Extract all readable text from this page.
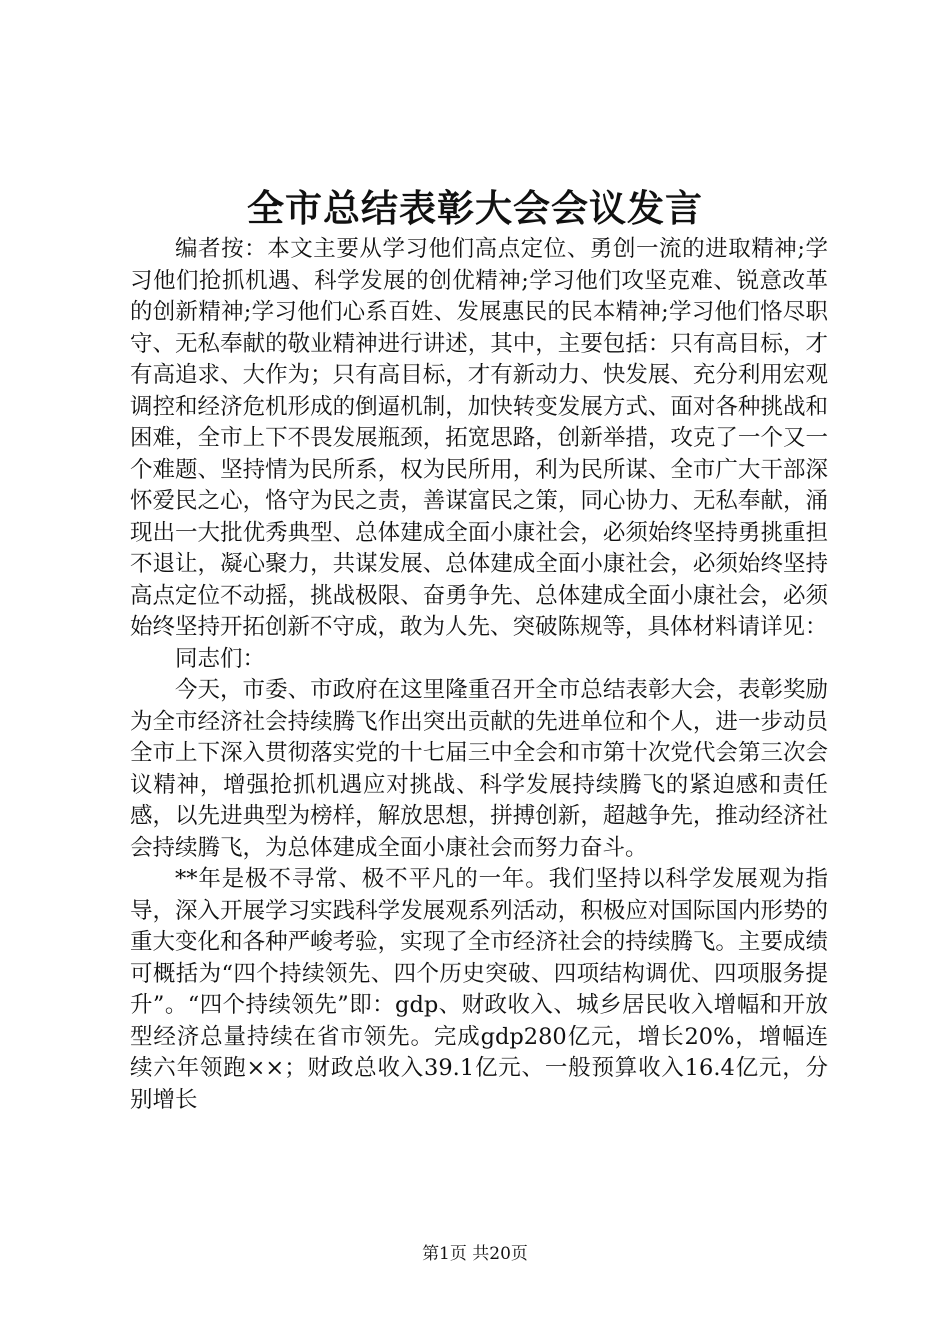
全市总结表彰大会会议发言

编者按：本文主要从学习他们高点定位、勇创一流的进取精神;学习他们抢抓机遇、科学发展的创优精神;学习他们攻坚克难、锐意改革的创新精神;学习他们心系百姓、发展惠民的民本精神;学习他们恪尽职守、无私奉献的敬业精神进行讲述，其中，主要包括：只有高目标，才有高追求、大作为；只有高目标，才有新动力、快发展、充分利用宏观调控和经济危机形成的倒逼机制，加快转变发展方式、面对各种挑战和困难，全市上下不畏发展瓶颈，拓宽思路，创新举措，攻克了一个又一个难题、坚持情为民所系，权为民所用，利为民所谋、全市广大干部深怀爱民之心，恪守为民之责，善谋富民之策，同心协力、无私奉献，涌现出一大批优秀典型、总体建成全面小康社会，必须始终坚持勇挑重担不退让，凝心聚力，共谋发展、总体建成全面小康社会，必须始终坚持高点定位不动摇，挑战极限、奋勇争先、总体建成全面小康社会，必须始终坚持开拓创新不守成，敢为人先、突破陈规等，具体材料请详见：

同志们：

今天，市委、市政府在这里隆重召开全市总结表彰大会，表彰奖励为全市经济社会持续腾飞作出突出贡献的先进单位和个人，进一步动员全市上下深入贯彻落实党的十七届三中全会和市第十次党代会第三次会议精神，增强抢抓机遇应对挑战、科学发展持续腾飞的紧迫感和责任感，以先进典型为榜样，解放思想，拼搏创新，超越争先，推动经济社会持续腾飞，为总体建成全面小康社会而努力奋斗。

**年是极不寻常、极不平凡的一年。我们坚持以科学发展观为指导，深入开展学习实践科学发展观系列活动，积极应对国际国内形势的重大变化和各种严峻考验，实现了全市经济社会的持续腾飞。主要成绩可概括为“四个持续领先、四个历史突破、四项结构调优、四项服务提升”。“四个持续领先”即：gdp、财政收入、城乡居民收入增幅和开放型经济总量持续在省市领先。完成gdp280亿元，增长20%，增幅连续六年领跑××；财政总收入39.1亿元、一般预算收入16.4亿元，分别增长

第1页 共20页
